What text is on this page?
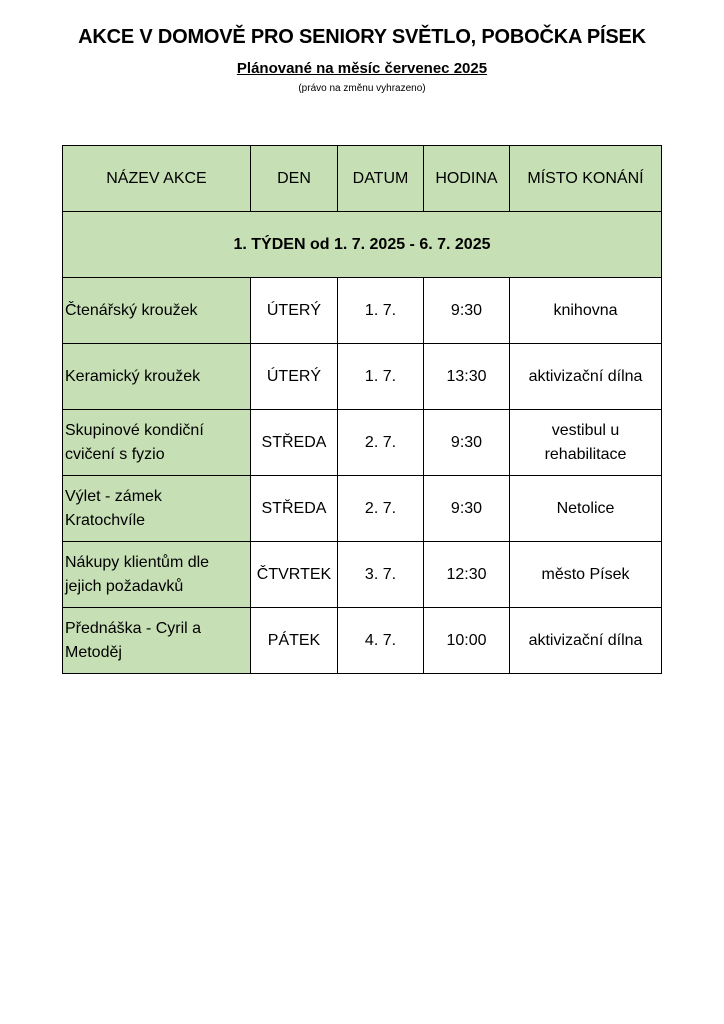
AKCE V DOMOVĚ PRO SENIORY SVĚTLO, POBOČKA PÍSEK
Plánované na měsíc červenec 2025
(právo na změnu vyhrazeno)
NÁZEV AKCE	DEN	DATUM	HODINA	MÍSTO KONÁNÍ
1. TÝDEN od 1. 7. 2025 - 6. 7. 2025				
Čtenářský kroužek	ÚTERÝ	1. 7.	9:30	knihovna
Keramický kroužek	ÚTERÝ	1. 7.	13:30	aktivizační dílna
Skupinové kondiční cvičení s fyzio	STŘEDA	2. 7.	9:30	vestibul u rehabilitace
Výlet - zámek Kratochvíle	STŘEDA	2. 7.	9:30	Netolice
Nákupy klientům dle jejich požadavků	ČTVRTEK	3. 7.	12:30	město Písek
Přednáška - Cyril a Metoděj	PÁTEK	4. 7.	10:00	aktivizační dílna
